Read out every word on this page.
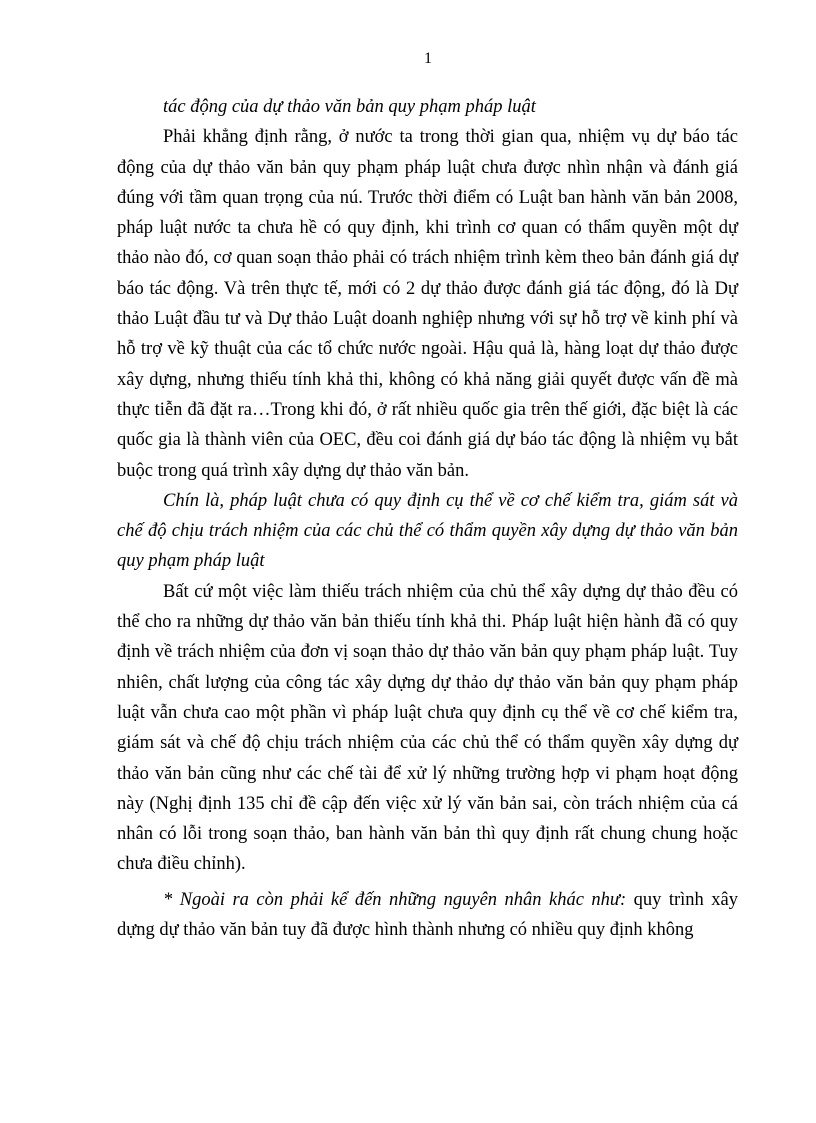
1

tác động của dự thảo văn bản quy phạm pháp luật

Phải khẳng định rằng, ở nước ta trong thời gian qua, nhiệm vụ dự báo tác động của dự thảo văn bản quy phạm pháp luật chưa được nhìn nhận và đánh giá đúng với tầm quan trọng của nú. Trước thời điểm có Luật ban hành văn bản 2008, pháp luật nước ta chưa hề có quy định, khi trình cơ quan có thẩm quyền một dự thảo nào đó, cơ quan soạn thảo phải có trách nhiệm trình kèm theo bản đánh giá dự báo tác động. Và trên thực tế, mới có 2 dự thảo được đánh giá tác động, đó là Dự thảo Luật đầu tư và Dự thảo Luật doanh nghiệp nhưng với sự hỗ trợ về kinh phí và hỗ trợ về kỹ thuật của các tổ chức nước ngoài. Hậu quả là, hàng loạt dự thảo được xây dựng, nhưng thiếu tính khả thi, không có khả năng giải quyết được vấn đề mà thực tiễn đã đặt ra…Trong khi đó, ở rất nhiều quốc gia trên thế giới, đặc biệt là các quốc gia là thành viên của OEC, đều coi đánh giá dự báo tác động là nhiệm vụ bắt buộc trong quá trình xây dựng dự thảo văn bản.

Chín là, pháp luật chưa có quy định cụ thể về cơ chế kiểm tra, giám sát và chế độ chịu trách nhiệm của các chủ thể có thẩm quyền xây dựng dự thảo văn bản quy phạm pháp luật

Bất cứ một việc làm thiếu trách nhiệm của chủ thể xây dựng dự thảo đều có thể cho ra những dự thảo văn bản thiếu tính khả thi. Pháp luật hiện hành đã có quy định về trách nhiệm của đơn vị soạn thảo dự thảo văn bản quy phạm pháp luật. Tuy nhiên, chất lượng của công tác xây dựng dự thảo dự thảo văn bản quy phạm pháp luật vẫn chưa cao một phần vì pháp luật chưa quy định cụ thể về cơ chế kiểm tra, giám sát và chế độ chịu trách nhiệm của các chủ thể có thẩm quyền xây dựng dự thảo văn bản cũng như các chế tài để xử lý những trường hợp vi phạm hoạt động này (Nghị định 135 chỉ đề cập đến việc xử lý văn bản sai, còn trách nhiệm của cá nhân có lỗi trong soạn thảo, ban hành văn bản thì quy định rất chung chung hoặc chưa điều chỉnh).

* Ngoài ra còn phải kể đến những nguyên nhân khác như: quy trình xây dựng dự thảo văn bản tuy đã được hình thành nhưng có nhiều quy định không
